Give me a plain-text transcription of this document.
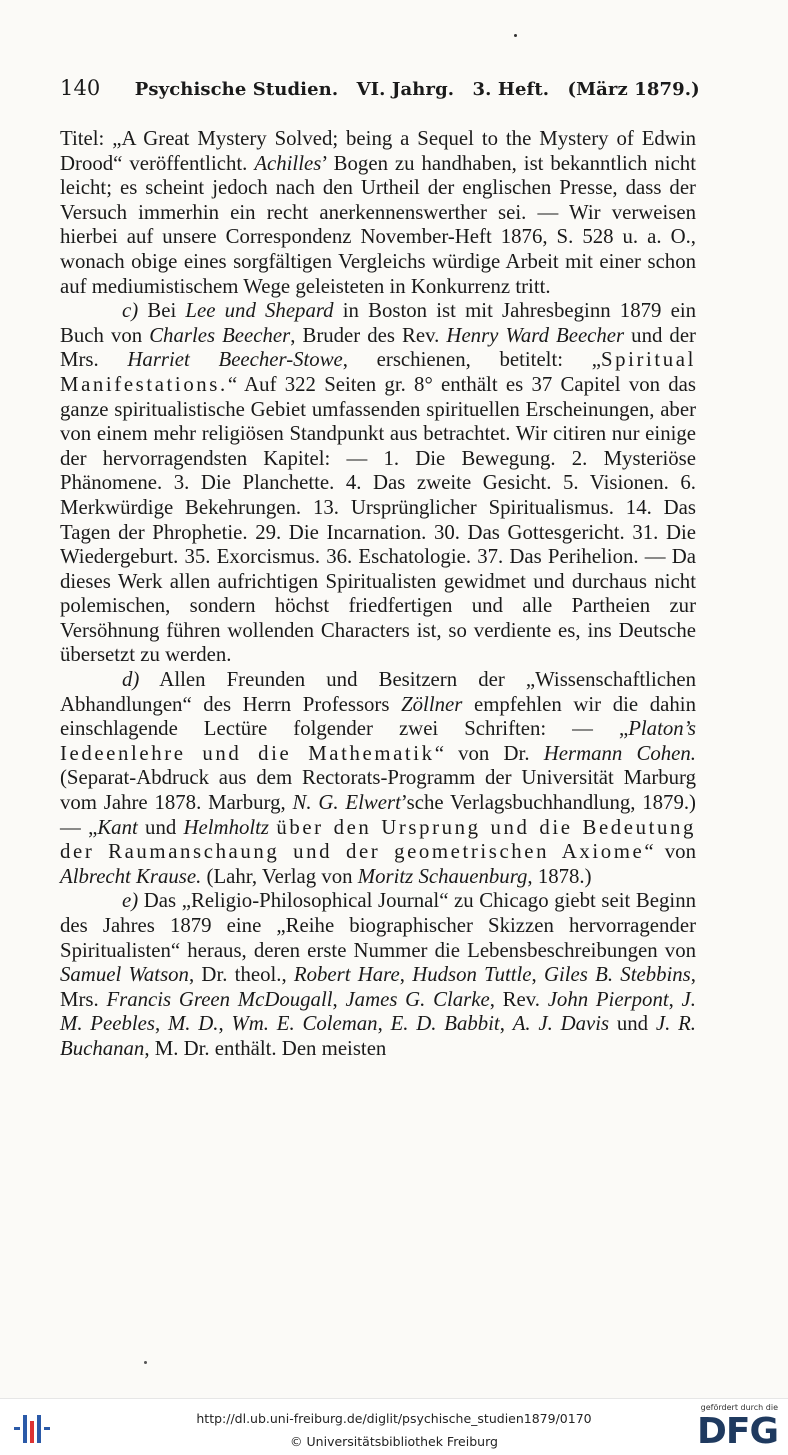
140 Psychische Studien. VI. Jahrg. 3. Heft. (März 1879.)

Titel: „A Great Mystery Solved; being a Sequel to the Mystery of Edwin Drood“ veröffentlicht. Achilles’ Bogen zu handhaben, ist bekanntlich nicht leicht; es scheint jedoch nach den Urtheil der englischen Presse, dass der Versuch immerhin ein recht anerkennenswerther sei. — Wir verweisen hierbei auf unsere Correspondenz November-Heft 1876, S. 528 u. a. O., wonach obige eines sorgfältigen Vergleichs würdige Arbeit mit einer schon auf mediumistischem Wege geleisteten in Konkurrenz tritt.

c) Bei Lee und Shepard in Boston ist mit Jahresbeginn 1879 ein Buch von Charles Beecher, Bruder des Rev. Henry Ward Beecher und der Mrs. Harriet Beecher-Stowe, erschienen, betitelt: „Spiritual Manifestations.“ Auf 322 Seiten gr. 8° enthält es 37 Capitel von das ganze spiritualistische Gebiet umfassenden spirituellen Erscheinungen, aber von einem mehr religiösen Standpunkt aus betrachtet. Wir citiren nur einige der hervorragendsten Kapitel: — 1. Die Bewegung. 2. Mysteriöse Phänomene. 3. Die Planchette. 4. Das zweite Gesicht. 5. Visionen. 6. Merkwürdige Bekehrungen. 13. Ursprünglicher Spiritualismus. 14. Das Tagen der Phrophetie. 29. Die Incarnation. 30. Das Gottesgericht. 31. Die Wiedergeburt. 35. Exorcismus. 36. Eschatologie. 37. Das Perihelion. — Da dieses Werk allen aufrichtigen Spiritualisten gewidmet und durchaus nicht polemischen, sondern höchst friedfertigen und alle Partheien zur Versöhnung führen wollenden Characters ist, so verdiente es, ins Deutsche übersetzt zu werden.

d) Allen Freunden und Besitzern der „Wissenschaftlichen Abhandlungen“ des Herrn Professors Zöllner empfehlen wir die dahin einschlagende Lectüre folgender zwei Schriften: — „Platon’s Iedeenlehre und die Mathematik“ von Dr. Hermann Cohen. (Separat-Abdruck aus dem Rectorats-Programm der Universität Marburg vom Jahre 1878. Marburg, N. G. Elwert’sche Verlagsbuchhandlung, 1879.) — „Kant und Helmholtz über den Ursprung und die Bedeutung der Raumanschaung und der geometrischen Axiome“ von Albrecht Krause. (Lahr, Verlag von Moritz Schauenburg, 1878.)

e) Das „Religio-Philosophical Journal“ zu Chicago giebt seit Beginn des Jahres 1879 eine „Reihe biographischer Skizzen hervorragender Spiritualisten“ heraus, deren erste Nummer die Lebensbeschreibungen von Samuel Watson, Dr. theol., Robert Hare, Hudson Tuttle, Giles B. Stebbins, Mrs. Francis Green McDougall, James G. Clarke, Rev. John Pierpont, J. M. Peebles, M. D., Wm. E. Coleman, E. D. Babbit, A. J. Davis und J. R. Buchanan, M. Dr. enthält. Den meisten

http://dl.ub.uni-freiburg.de/diglit/psychische_studien1879/0170
© Universitätsbibliothek Freiburg
gefördert durch die
DFG
